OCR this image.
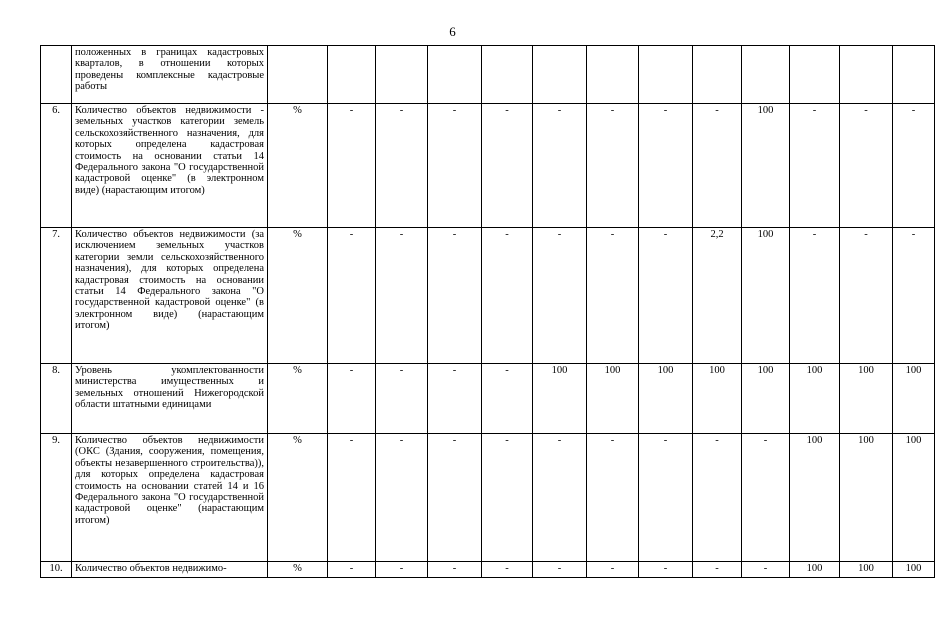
6
	положенных в границах кадастровых кварталов, в отношении которых проведены комплексные кадастровые работы													
6.	Количество объектов недвижимости - земельных участков категории земель сельскохозяйственного назначения, для которых определена кадастровая стоимость на основании статьи 14 Федерального закона "О государственной кадастровой оценке" (в электронном виде) (нарастающим итогом)	%	-	-	-	-	-	-	-	-	100	-	-	-
7.	Количество объектов недвижимости (за исключением земельных участков категории земли сельскохозяйственного назначения), для которых определена кадастровая стоимость на основании статьи 14 Федерального закона "О государственной кадастровой оценке" (в электронном виде) (нарастающим итогом)	%	-	-	-	-	-	-	-	2,2	100	-	-	-
8.	Уровень укомплектованности министерства имущественных и земельных отношений Нижегородской области штатными единицами	%	-	-	-	-	100	100	100	100	100	100	100	100
9.	Количество объектов недвижимости (ОКС (Здания, сооружения, помещения, объекты незавершенного строительства)), для которых определена кадастровая стоимость на основании статей 14 и 16 Федерального закона "О государственной кадастровой оценке" (нарастающим итогом)	%	-	-	-	-	-	-	-	-	-	100	100	100
10.	Количество объектов недвижимо-	%	-	-	-	-	-	-	-	-	-	100	100	100
